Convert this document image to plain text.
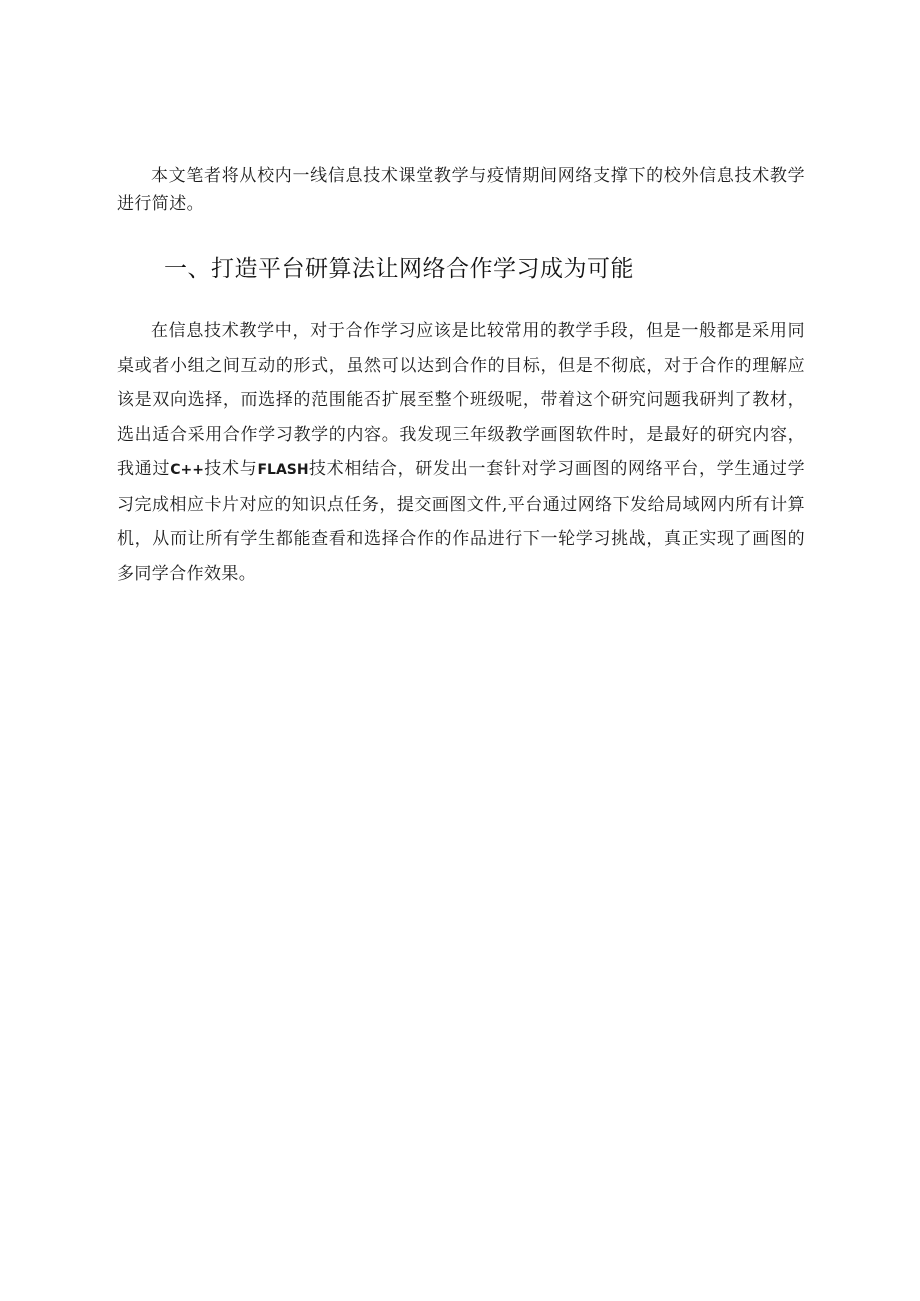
本文笔者将从校内一线信息技术课堂教学与疫情期间网络支撑下的校外信息技术教学进行简述。

一、打造平台研算法让网络合作学习成为可能

在信息技术教学中，对于合作学习应该是比较常用的教学手段，但是一般都是采用同桌或者小组之间互动的形式，虽然可以达到合作的目标，但是不彻底，对于合作的理解应该是双向选择，而选择的范围能否扩展至整个班级呢，带着这个研究问题我研判了教材，选出适合采用合作学习教学的内容。我发现三年级教学画图软件时，是最好的研究内容，我通过C++技术与FLASH技术相结合，研发出一套针对学习画图的网络平台，学生通过学习完成相应卡片对应的知识点任务，提交画图文件,平台通过网络下发给局域网内所有计算机，从而让所有学生都能查看和选择合作的作品进行下一轮学习挑战，真正实现了画图的多同学合作效果。
